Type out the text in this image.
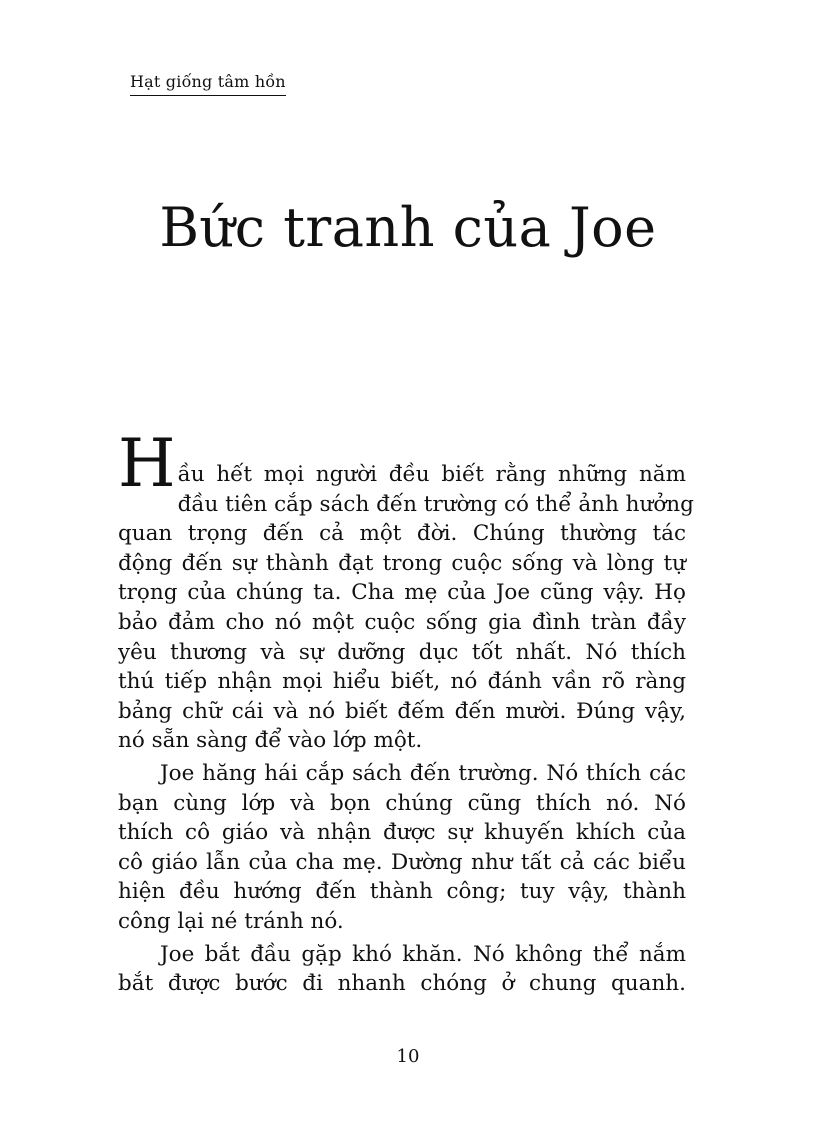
Hạt giống tâm hồn
Bức tranh của Joe
H ầu hết mọi người đều biết rằng những năm
đầu tiên cắp sách đến trường có thể ảnh hưởng
quan trọng đến cả một đời. Chúng thường tác
động đến sự thành đạt trong cuộc sống và lòng tự
trọng của chúng ta. Cha mẹ của Joe cũng vậy. Họ
bảo đảm cho nó một cuộc sống gia đình tràn đầy
yêu thương và sự dưỡng dục tốt nhất. Nó thích
thú tiếp nhận mọi hiểu biết, nó đánh vần rõ ràng
bảng chữ cái và nó biết đếm đến mười. Đúng vậy,
nó sẵn sàng để vào lớp một.
Joe hăng hái cắp sách đến trường. Nó thích các
bạn cùng lớp và bọn chúng cũng thích nó. Nó
thích cô giáo và nhận được sự khuyến khích của
cô giáo lẫn của cha mẹ. Dường như tất cả các biểu
hiện đều hướng đến thành công; tuy vậy, thành
công lại né tránh nó.
Joe bắt đầu gặp khó khăn. Nó không thể nắm
bắt được bước đi nhanh chóng ở chung quanh.
10
